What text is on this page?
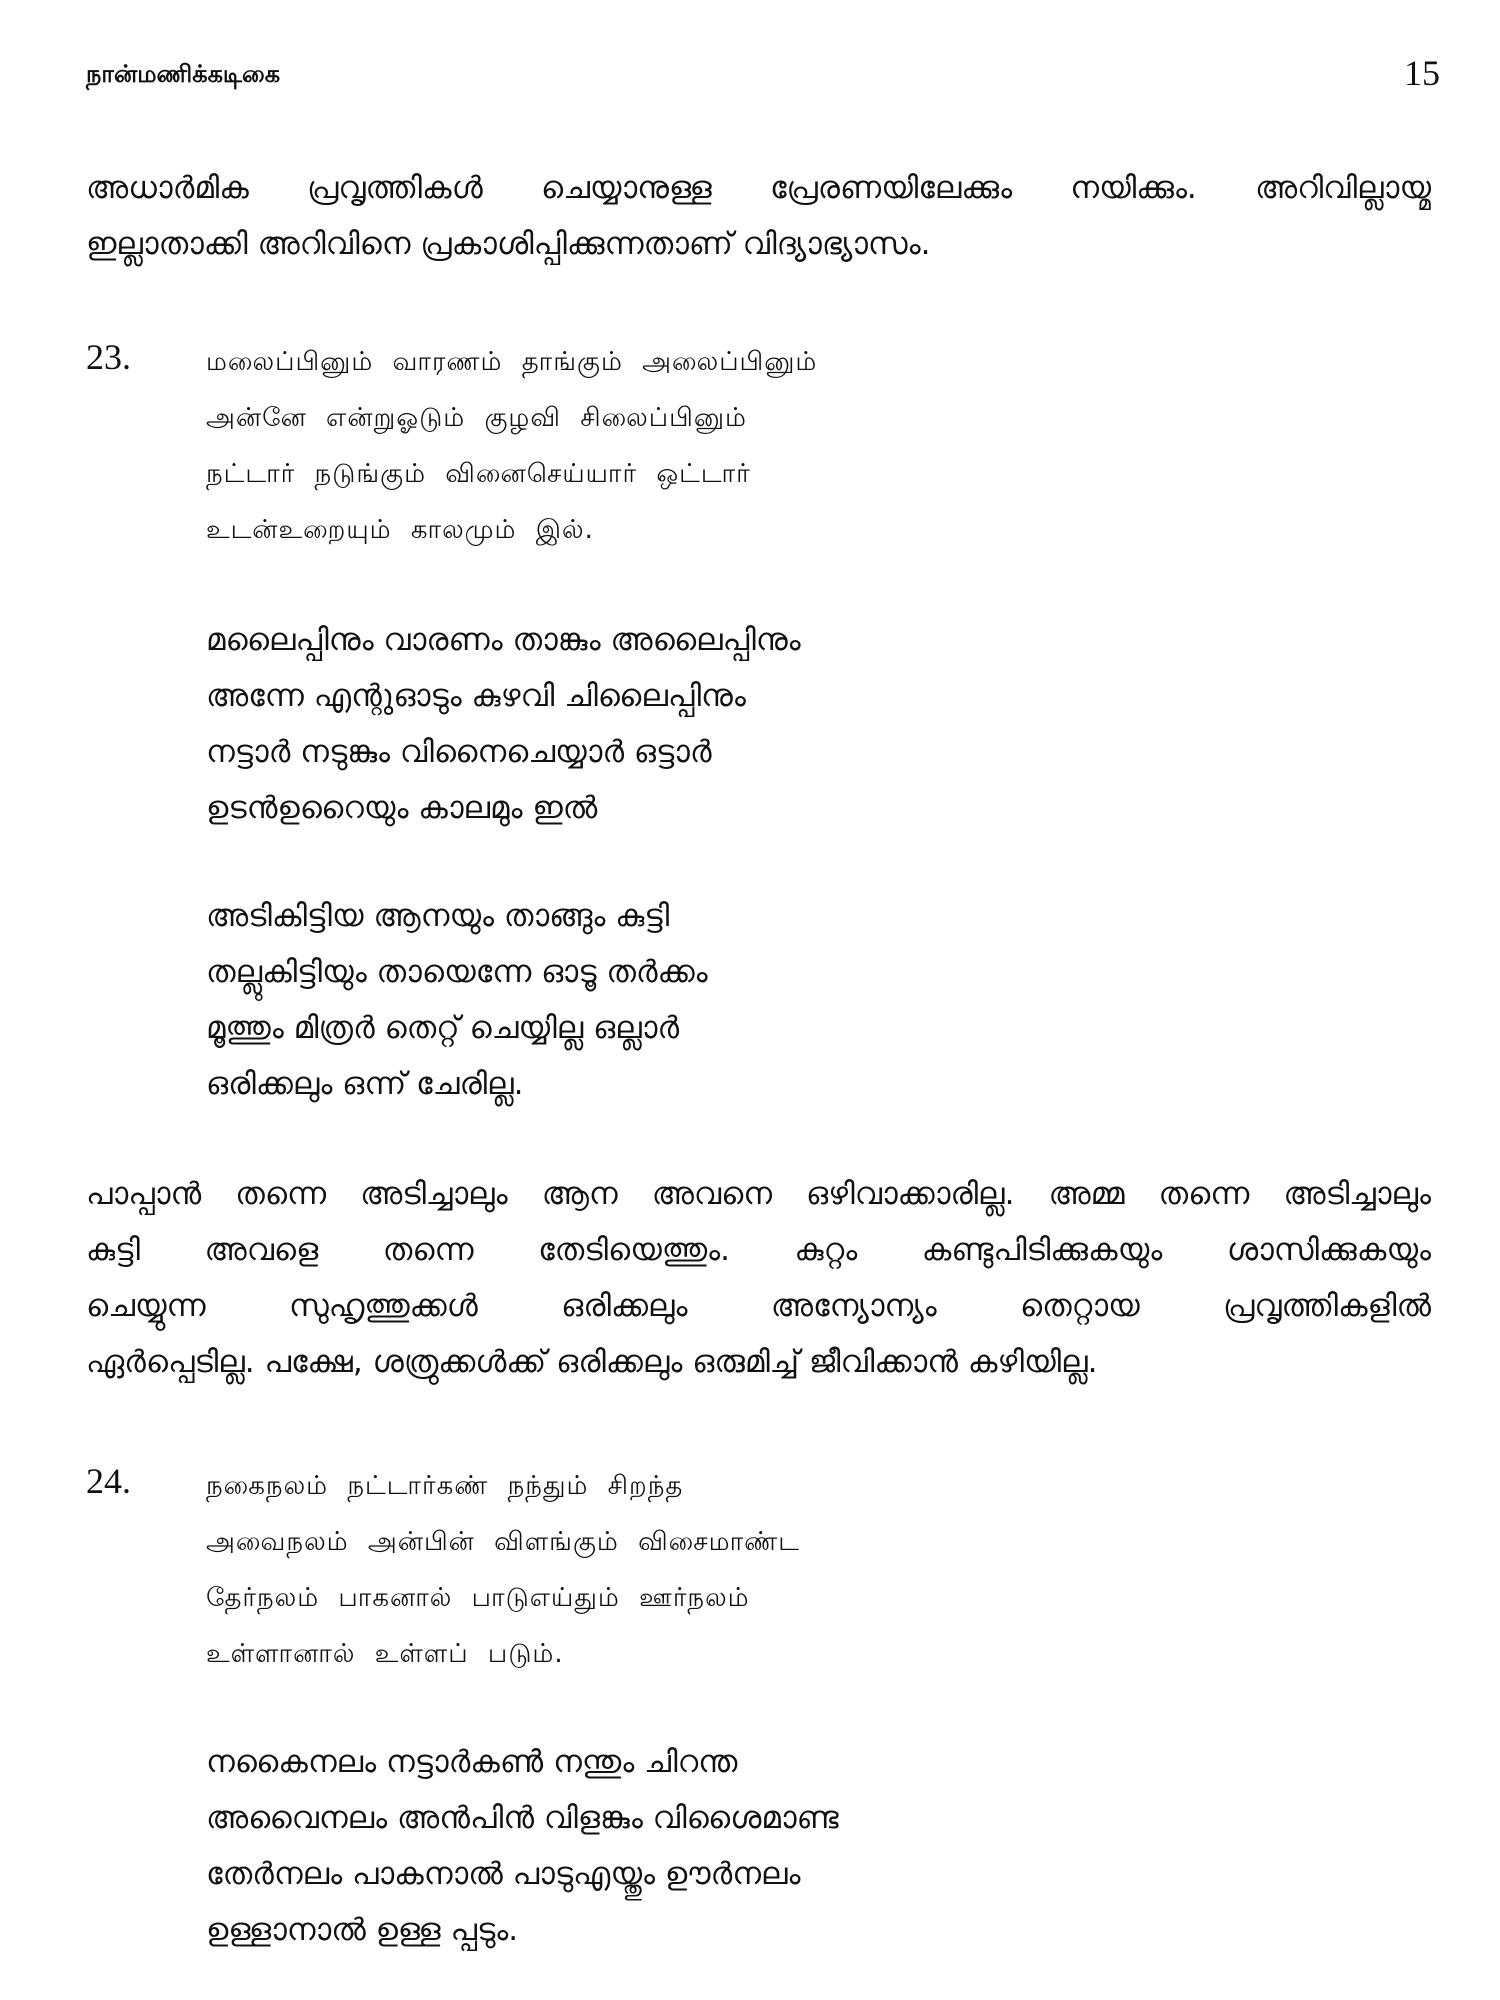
நான்மணிக்கடிகை	15
അധാർമിക പ്രവൃത്തികൾ ചെയ്യാനുള്ള പ്രേരണയിലേക്കും നയിക്കും. അറിവില്ലായ്മ
ഇല്ലാതാക്കി അറിവിനെ പ്രകാശിപ്പിക്കുന്നതാണ് വിദ്യാഭ്യാസം.
23.	மலைப்பினும் வாரணம் தாங்கும் அலைப்பினும்
அன்னே என்றுஓடும் குழவி சிலைப்பினும்
நட்டார் நடுங்கும் வினைசெய்யார் ஒட்டார்
உடன்உறையும் காலமும் இல்.
മലൈപ്പിനും വാരണം താങ്കും അലൈപ്പിനും
അന്നേ എന്റുഓടും കുഴവി ചിലൈപ്പിനും
നട്ടാർ നടുങ്കും വിനൈചെയ്യാർ ഒട്ടാർ
ഉടൻഉറൈയും കാലമും ഇൽ
അടികിട്ടിയ ആനയും താങ്ങും കുട്ടി
തല്ലുകിട്ടിയും തായെന്നേ ഓടൂ തർക്കം
മൂത്തും മിത്രർ തെറ്റ് ചെയ്യില്ല ഒല്ലാർ
ഒരിക്കലും ഒന്ന് ചേരില്ല.
പാപ്പാൻ തന്നെ അടിച്ചാലും ആന അവനെ ഒഴിവാക്കാരില്ല. അമ്മ തന്നെ അടിച്ചാലും
കുട്ടി അവളെ തന്നെ തേടിയെത്തും. കുറ്റം കണ്ടുപിടിക്കുകയും ശാസിക്കുകയും
ചെയ്യുന്ന സുഹൃത്തുക്കൾ ഒരിക്കലും അന്യോന്യം തെറ്റായ പ്രവൃത്തികളിൽ
ഏർപ്പെടില്ല. പക്ഷേ, ശത്രുക്കൾക്ക് ഒരിക്കലും ഒരുമിച്ച് ജീവിക്കാൻ കഴിയില്ല.
24.	நகைநலம் நட்டார்கண் நந்தும் சிறந்த
அவைநலம் அன்பின் விளங்கும் விசைமாண்ட
தேர்நலம் பாகனால் பாடுஎய்தும் ஊர்நலம்
உள்ளானால் உள்ளப் படும்.
നകൈനലം നട്ടാർകൺ നന്തും ചിറന്ത
അവൈനലം അൻപിൻ വിളങ്കും വിശൈമാണ്ട
തേർനലം പാകനാൽ പാടുഎയ്തും ഊർനലം
ഉള്ളാനാൽ ഉള്ള പ്പടും.
